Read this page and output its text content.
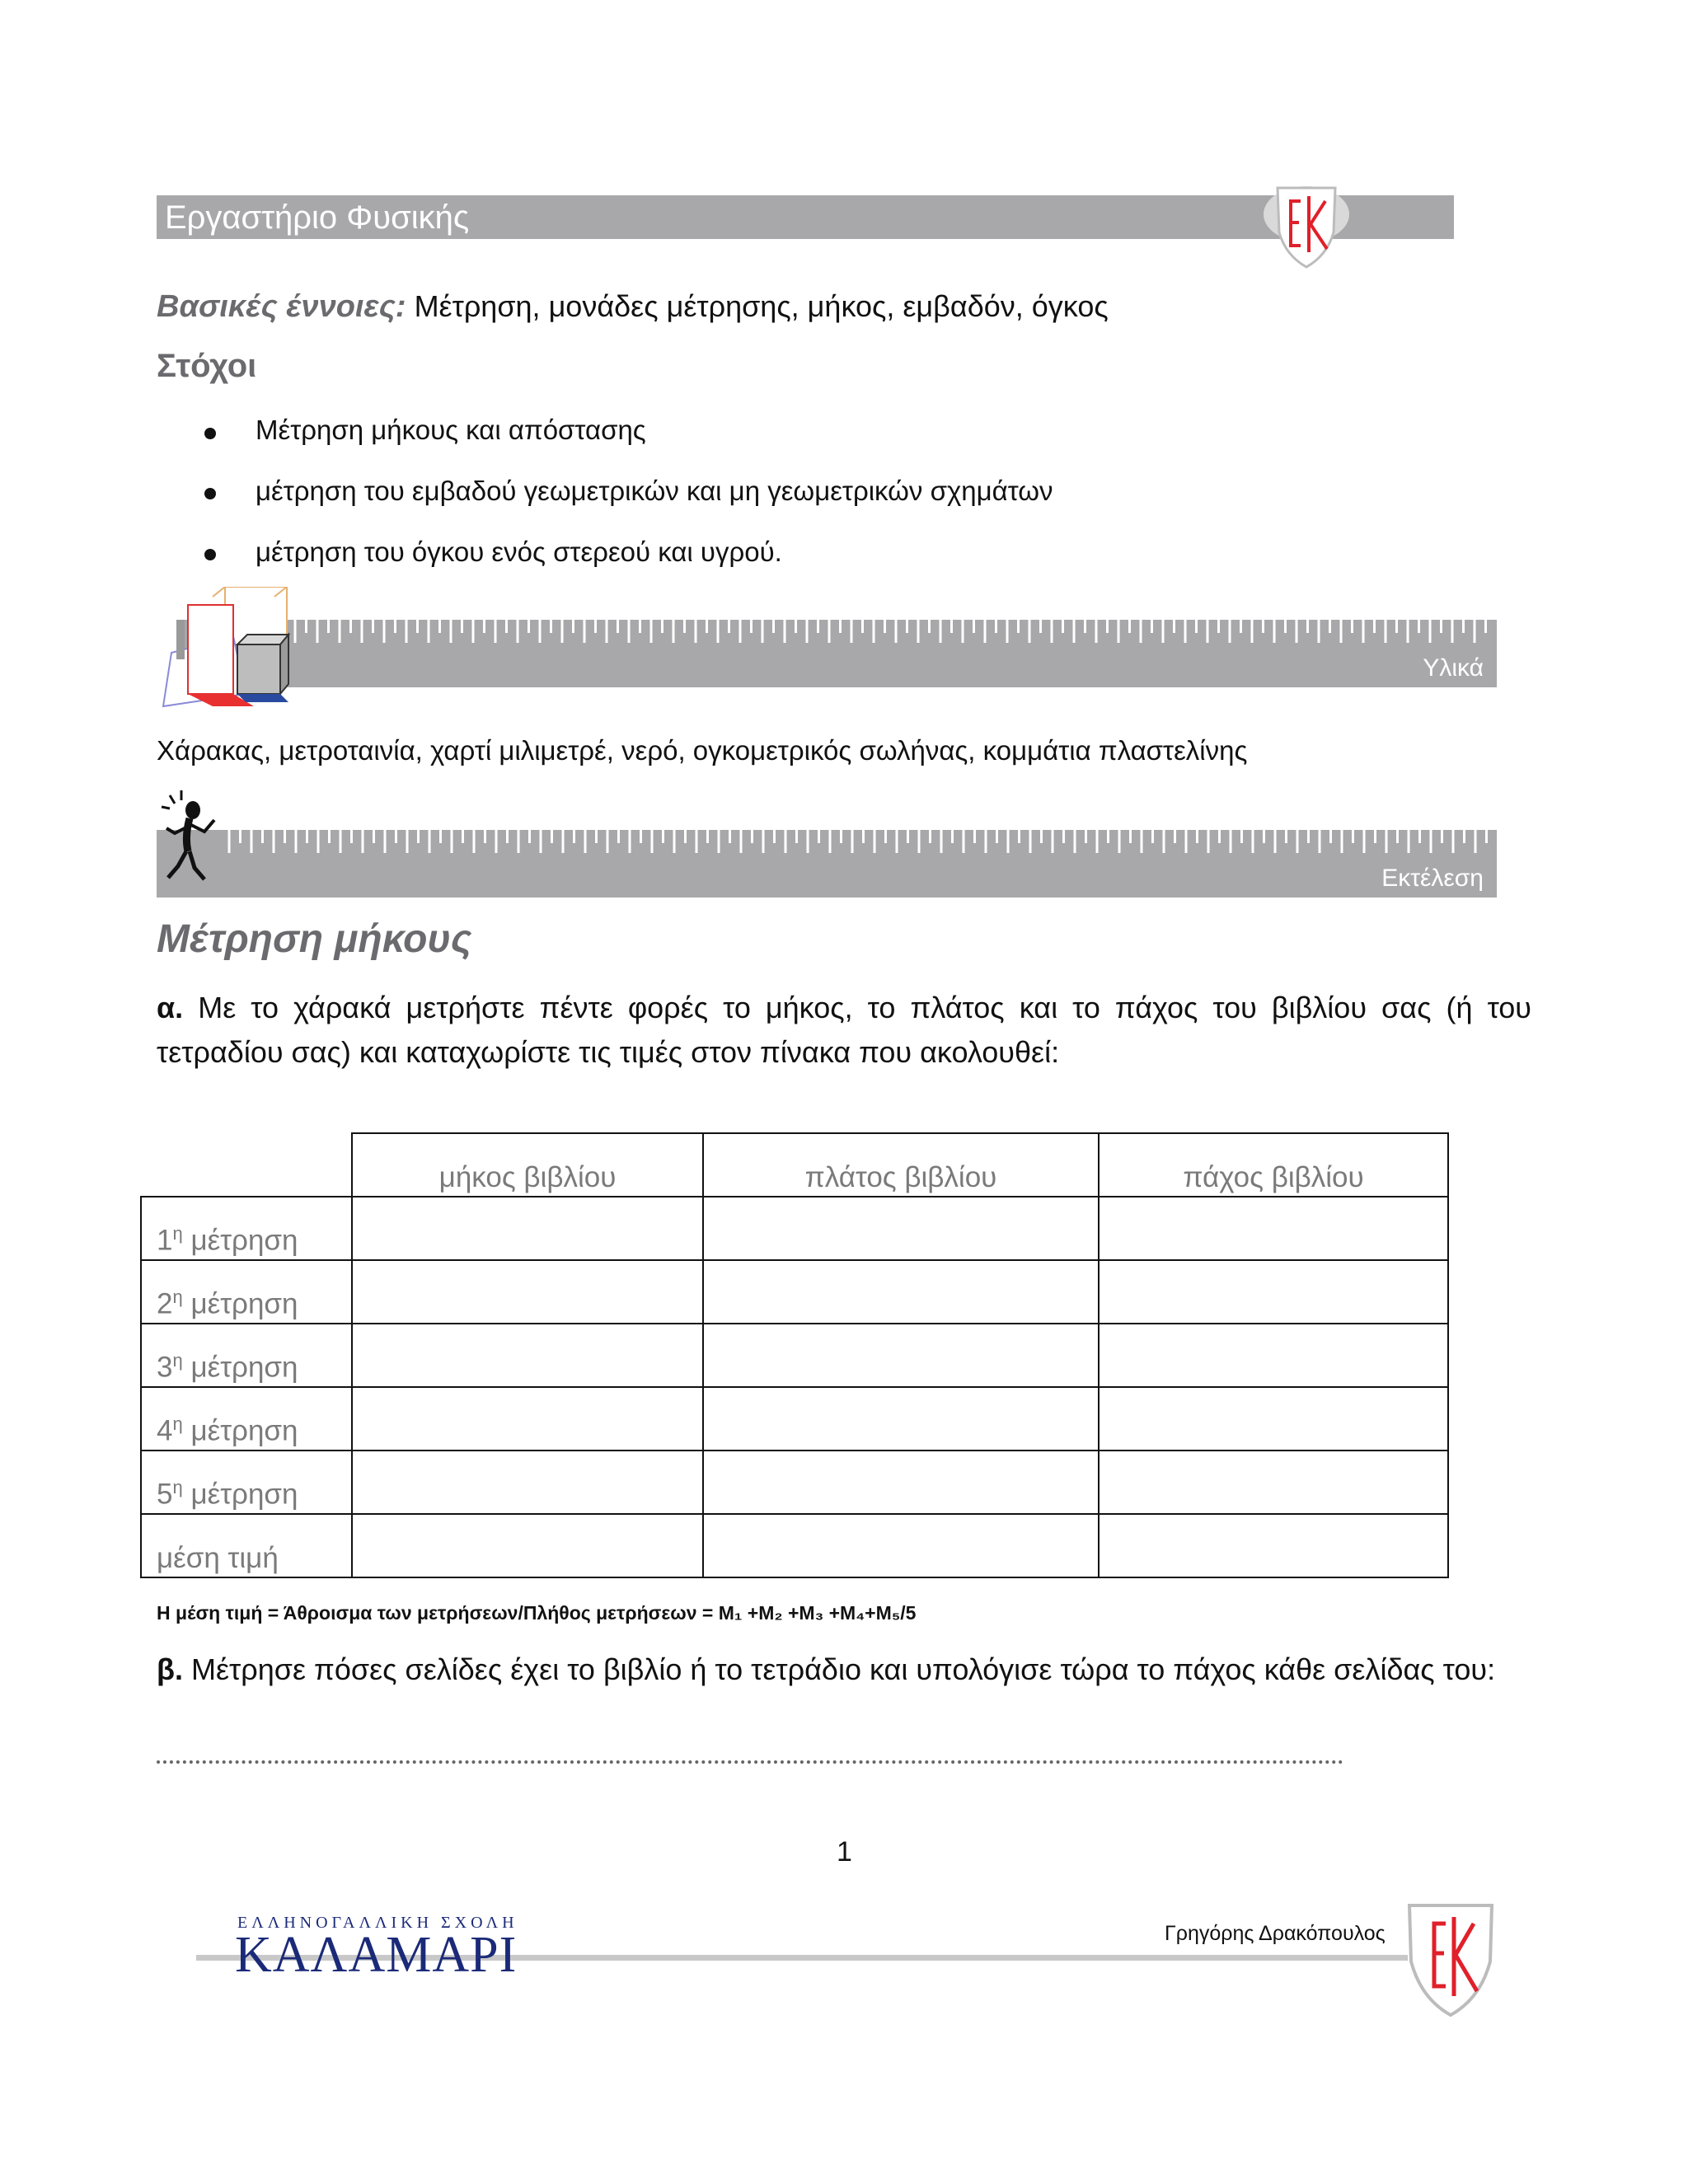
Εργαστήριο Φυσικής
Βασικές έννοιες: Μέτρηση, μονάδες μέτρησης, μήκος, εμβαδόν, όγκος
Στόχοι
Μέτρηση μήκους και απόστασης
μέτρηση του εμβαδού γεωμετρικών και μη γεωμετρικών σχημάτων
μέτρηση του όγκου ενός στερεού και υγρού.
Υλικά
Χάρακας, μετροταινία, χαρτί μιλιμετρέ, νερό, ογκομετρικός σωλήνας, κομμάτια πλαστελίνης
Εκτέλεση
Μέτρηση μήκους
α. Με το χάρακά μετρήστε πέντε φορές το μήκος, το πλάτος και το πάχος του βιβλίου σας (ή του τετραδίου σας) και καταχωρίστε τις τιμές στον πίνακα που ακολουθεί:
	μήκος βιβλίου	πλάτος βιβλίου	πάχος βιβλίου
$1^\eta$ μέτρηση			
$2^\eta$ μέτρηση			
$3^\eta$ μέτρηση			
$4^\eta$ μέτρηση			
$5^\eta$ μέτρηση			
μέση τιμή			
Η μέση τιμή = Άθροισμα των μετρήσεων/Πλήθος μετρήσεων = M₁ +M₂ +M₃ +M₄+M₅/5
β. Μέτρησε πόσες σελίδες έχει το βιβλίο ή το τετράδιο και υπολόγισε τώρα το πάχος κάθε σελίδας του:
1
ΕΛΛΗΝΟΓΑΛΛΙΚΗ ΣΧΟΛΗ
ΚΑΛΑΜΑΡΙ	Γρηγόρης Δρακόπουλος
